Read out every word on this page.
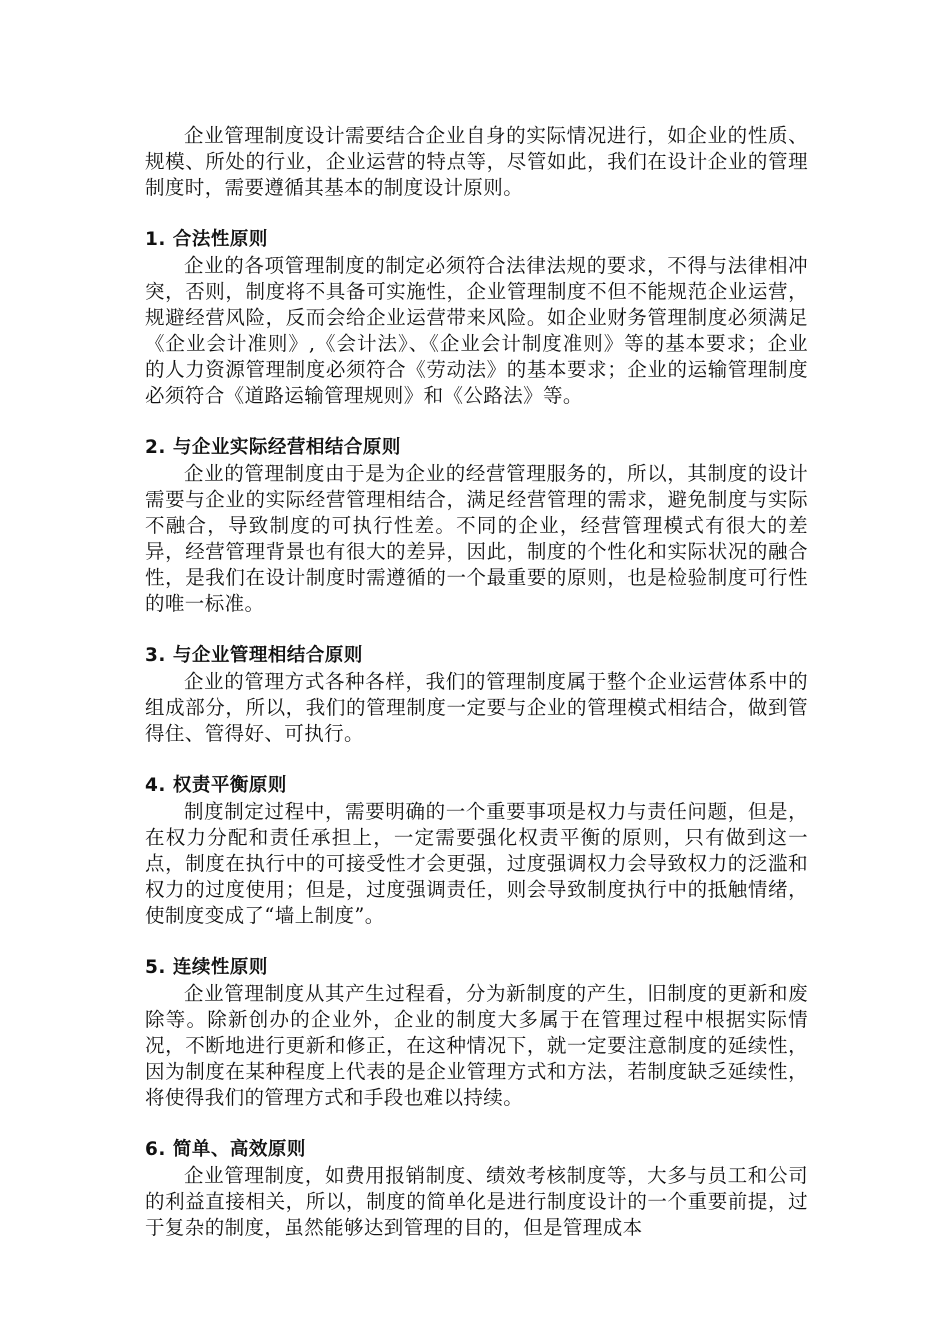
企业管理制度设计需要结合企业自身的实际情况进行，如企业的性质、规模、所处的行业，企业运营的特点等，尽管如此，我们在设计企业的管理制度时，需要遵循其基本的制度设计原则。

1. 合法性原则

企业的各项管理制度的制定必须符合法律法规的要求，不得与法律相冲突，否则，制度将不具备可实施性，企业管理制度不但不能规范企业运营，规避经营风险，反而会给企业运营带来风险。如企业财务管理制度必须满足《企业会计准则》,《会计法》、《企业会计制度准则》等的基本要求；企业的人力资源管理制度必须符合《劳动法》的基本要求；企业的运输管理制度必须符合《道路运输管理规则》和《公路法》等。

2. 与企业实际经营相结合原则

企业的管理制度由于是为企业的经营管理服务的，所以，其制度的设计需要与企业的实际经营管理相结合，满足经营管理的需求，避免制度与实际不融合，导致制度的可执行性差。不同的企业，经营管理模式有很大的差异，经营管理背景也有很大的差异，因此，制度的个性化和实际状况的融合性，是我们在设计制度时需遵循的一个最重要的原则，也是检验制度可行性的唯一标准。

3. 与企业管理相结合原则

企业的管理方式各种各样，我们的管理制度属于整个企业运营体系中的组成部分，所以，我们的管理制度一定要与企业的管理模式相结合，做到管得住、管得好、可执行。

4. 权责平衡原则

制度制定过程中，需要明确的一个重要事项是权力与责任问题，但是，在权力分配和责任承担上，一定需要强化权责平衡的原则，只有做到这一点，制度在执行中的可接受性才会更强，过度强调权力会导致权力的泛滥和权力的过度使用；但是，过度强调责任，则会导致制度执行中的抵触情绪，使制度变成了“墙上制度”。

5. 连续性原则

企业管理制度从其产生过程看，分为新制度的产生，旧制度的更新和废除等。除新创办的企业外，企业的制度大多属于在管理过程中根据实际情况，不断地进行更新和修正，在这种情况下，就一定要注意制度的延续性，因为制度在某种程度上代表的是企业管理方式和方法，若制度缺乏延续性，将使得我们的管理方式和手段也难以持续。

6. 简单、高效原则

企业管理制度，如费用报销制度、绩效考核制度等，大多与员工和公司的利益直接相关，所以，制度的简单化是进行制度设计的一个重要前提，过于复杂的制度，虽然能够达到管理的目的，但是管理成本
